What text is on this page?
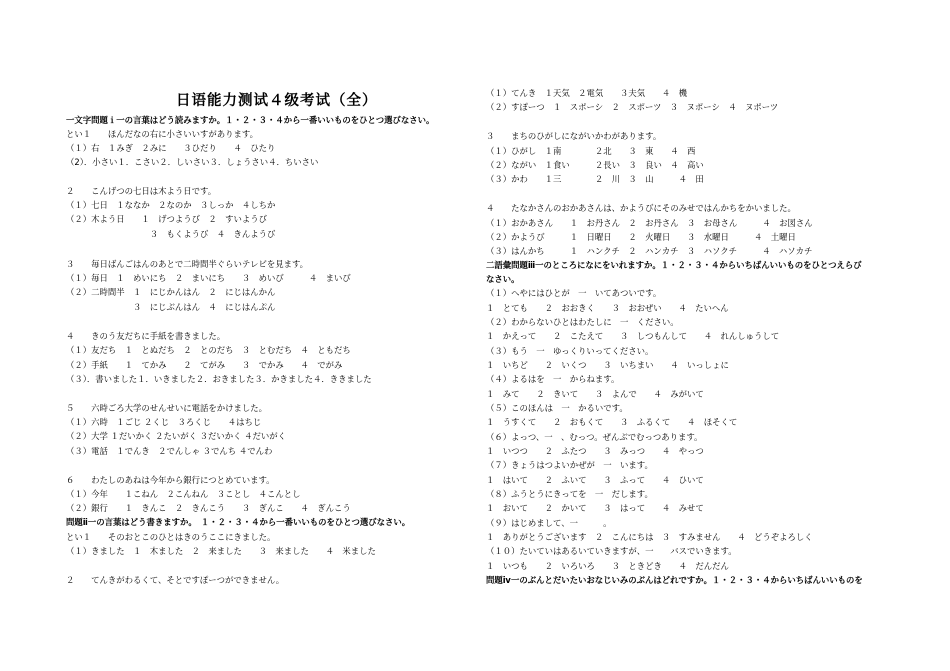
日语能力测试４级考试（全）
一文字問題ｉ一の言葉はどう読みますか。１・２・３・４から一番いいものをひとつ選びなさい。
とい１　　ほんだなの右に小さいいすがあります。
（１）右　１みぎ　２みに　　３ひだり　　４　ひたり
（2）．小さい１．こさい２．しいさい３．しょうさい４．ちいさい
２　　こんげつの七日は木よう日です。
（１）七日　１ななか　２なのか　３しっか　４しちか
（２）木よう日　　１　げつようび　２　すいようび
　　　　　　　　　　３　もくようび　４　きんようび
３　　毎日ばんごはんのあとで二時間半ぐらいテレビを見ます。
（１）毎日　１　めいにち　２　まいにち　　３　めいび　　　４　まいび
（２）二時間半　１　にじかんはん　２　にじはんかん
　　　　　　　　３　にじぶんはん　４　にじはんぷん
４　　きのう友だちに手紙を書きました。
（１）友だち　１　とぬだち　２　とのだち　３　とむだち　４　ともだち
（２）手紙　　１　てかみ　　２　てがみ　　３　でかみ　　４　でがみ
（３）．書いました１．いきました２．おきました３．かきました４．ききました
５　　六時ごろ大学のせんせいに電話をかけました。
（１）六時　１ごじ ２くじ　３ろくじ　　４はちじ
（２）大学 １だいかく ２たいがく ３だいかく ４だいがく
（３）電話　１でんき　２でんしゃ ３でんち ４でんわ
６　　わたしのあねは今年から銀行につとめています。
（１）今年　　１こねん　２こんねん　３ことし　４こんとし
（２）銀行　　１　きんこ　２　きんこう　　３　ぎんこ　　４　ぎんこう
問題ⅱ一の言葉はどう書きますか。　１・２・３・４から一番いいものをひとつ選びなさい。
とい１　　そのおとこのひとはきのうここにきました。
（１）きました　１　木ました　２　来ました　　３　来ました　　４　米ました
２　　てんきがわるくて、そとですぽーつができません。
（１）てんき　１天気　２電気　　３夫気　　４　機
（２）すぽーつ　１　スポーシ　２　スポーツ　３　ヌポーシ　４　ヌポーツ
３　　まちのひがしにながいかわがあります。
（１）ひがし　１南　　　　２北　　３　東　　４　西
（２）ながい　１食い　　　２長い　３　良い　４　高い
（３）かわ　　１三　　　　２　川　３　山　　　４　田
４　　たなかさんのおかあさんは、かようびにそのみせではんかちをかいました。
（１）おかあさん　　１　お丹さん　２　お丹さん　３　お母さん　　　４　お図さん
（２）かようび　　　１　日曜日　　２　火曜日　　３　水曜日　　　４　土曜日
（３）はんかち　　　１　ハンクチ　２　ハンカチ　３　ハソクチ　　　４　ハソカチ
二語彙問題ⅲ一のところになにをいれますか。１・２・３・４からいちばんいいものをひとつえらび
なさい。
（１）へやにはひとが　一　いてあついです。
１　とても　　２　おおきく　　３　おおぜい　　４　たいへん
（２）わからないひとはわたしに　一　ください。
１　かえって　　２　こたえて　　３　しつもんして　　４　れんしゅうして
（３）もう　一　ゆっくりいってください。
１　いちど　　２　いくつ　　３　いちまい　　４　いっしょに
（４）よるはを　一　からねます。
１　みて　　２　きいて　　３　よんで　　４　みがいて
（５）このほんは　一　かるいです。
１　うすくて　　２　おもくて　　３　ふるくて　　４　ほそくて
（６）よっつ、一　、むっつ。ぜんぶでむっつあります。
１　いつつ　　２　ふたつ　　３　みっつ　　４　やっつ
（７）きょうはつよいかぜが　一　います。
１　はいて　　２　ふいて　　３　ふって　　４　ひいて
（８）ふうとうにきってを　一　だします。
１　おいて　　２　かいて　　３　はって　　４　みせて
（９）はじめまして、一　　　。
１　ありがとうございます　２　こんにちは　３　すみません　　４　どうぞよろしく
（１０）たいていはあるいていきますが、一　　バスでいきます。
１　いつも　　２　いろいろ　　３　ときどき　　４　だんだん
問題ⅳ一のぶんとだいたいおなじいみのぶんはどれですか。１・２・３・４からいちばんいいものを
